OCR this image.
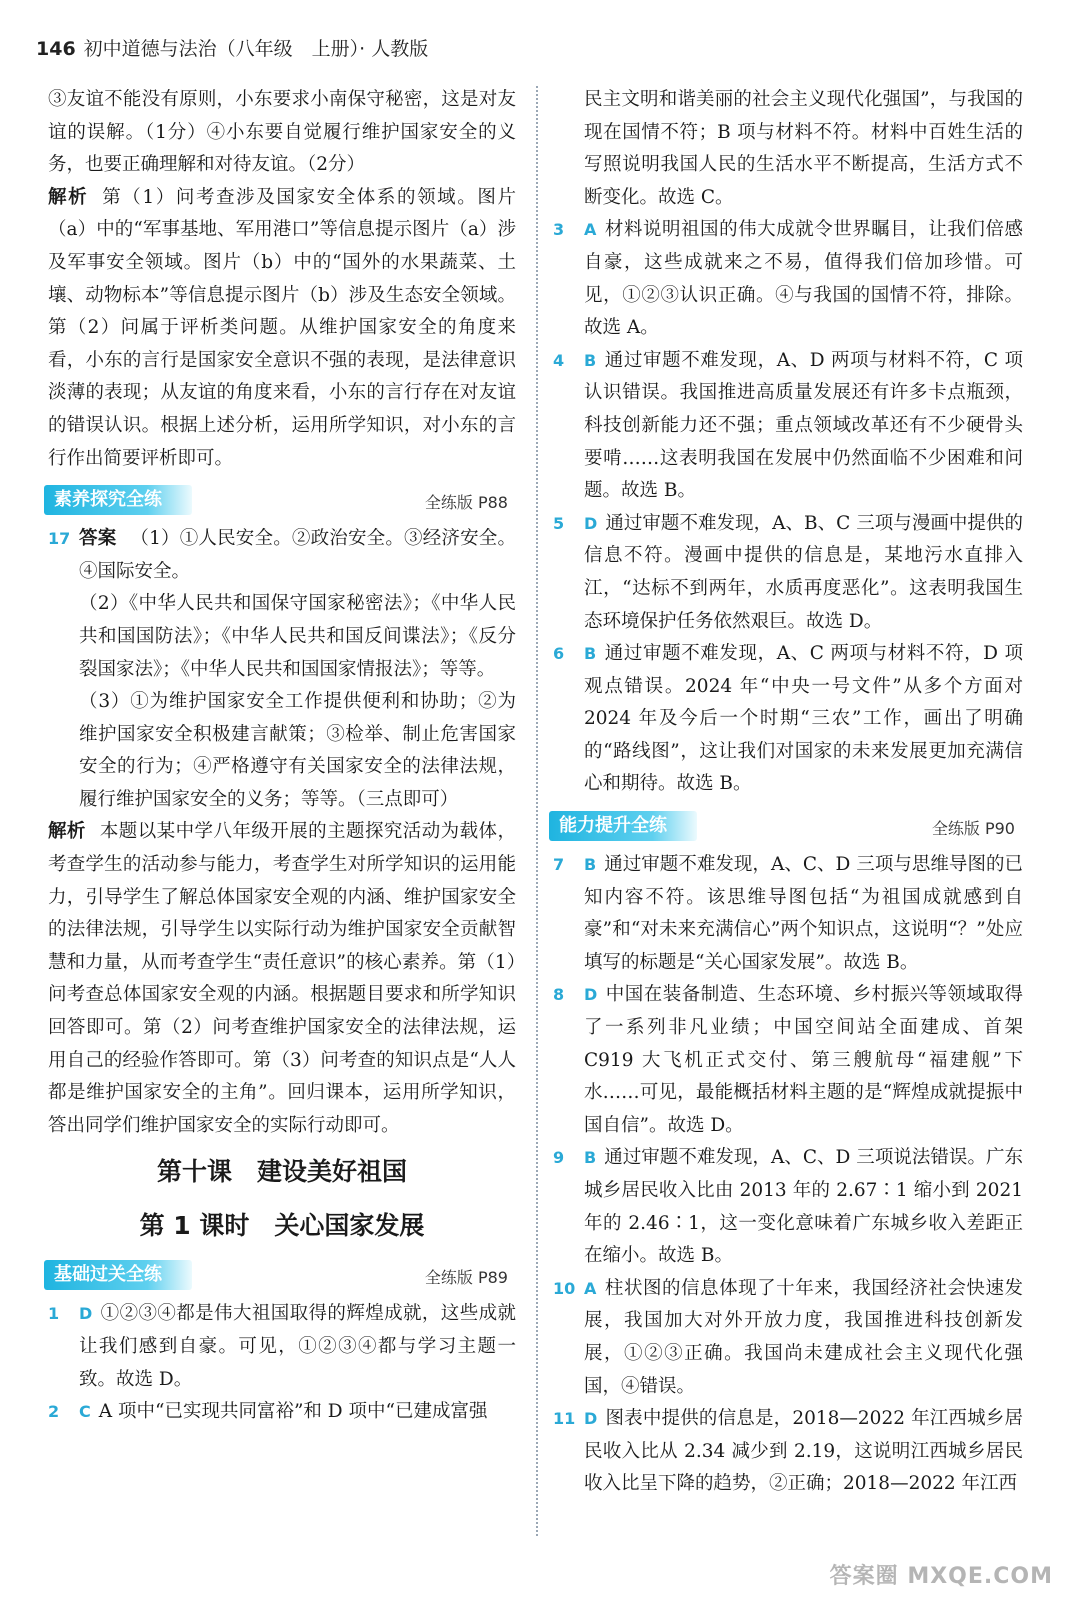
146 初中道德与法治（八年级　上册）· 人教版

③友谊不能没有原则，小东要求小南保守秘密，这是对友谊的误解。（1分）④小东要自觉履行维护国家安全的义务，也要正确理解和对待友谊。（2分）

解析 第（1）问考查涉及国家安全体系的领域。图片（a）中的“军事基地、军用港口”等信息提示图片（a）涉及军事安全领域。图片（b）中的“国外的水果蔬菜、土壤、动物标本”等信息提示图片（b）涉及生态安全领域。第（2）问属于评析类问题。从维护国家安全的角度来看，小东的言行是国家安全意识不强的表现，是法律意识淡薄的表现；从友谊的角度来看，小东的言行存在对友谊的错误认识。根据上述分析，运用所学知识，对小东的言行作出简要评析即可。

素养探究全练	全练版 P88
17 答案 （1）①人民安全。②政治安全。③经济安全。④国际安全。

（2）《中华人民共和国保守国家秘密法》；《中华人民共和国国防法》；《中华人民共和国反间谍法》；《反分裂国家法》；《中华人民共和国国家情报法》；等等。

（3）①为维护国家安全工作提供便利和协助；②为维护国家安全积极建言献策；③检举、制止危害国家安全的行为；④严格遵守有关国家安全的法律法规，履行维护国家安全的义务；等等。（三点即可）

解析 本题以某中学八年级开展的主题探究活动为载体，考查学生的活动参与能力，考查学生对所学知识的运用能力，引导学生了解总体国家安全观的内涵、维护国家安全的法律法规，引导学生以实际行动为维护国家安全贡献智慧和力量，从而考查学生“责任意识”的核心素养。第（1）问考查总体国家安全观的内涵。根据题目要求和所学知识回答即可。第（2）问考查维护国家安全的法律法规，运用自己的经验作答即可。第（3）问考查的知识点是“人人都是维护国家安全的主角”。回归课本，运用所学知识，答出同学们维护国家安全的实际行动即可。

第十课　建设美好祖国
第 1 课时　关心国家发展
基础过关全练	全练版 P89
1	D ①②③④都是伟大祖国取得的辉煌成就，这些成就让我们感到自豪。可见，①②③④都与学习主题一致。故选 D。

2	C A 项中“已实现共同富裕”和 D 项中“已建成富强

民主文明和谐美丽的社会主义现代化强国”，与我国的现在国情不符；B 项与材料不符。材料中百姓生活的写照说明我国人民的生活水平不断提高，生活方式不断变化。故选 C。

3	A 材料说明祖国的伟大成就令世界瞩目，让我们倍感自豪，这些成就来之不易，值得我们倍加珍惜。可见，①②③认识正确。④与我国的国情不符，排除。故选 A。

4	B 通过审题不难发现，A、D 两项与材料不符，C 项认识错误。我国推进高质量发展还有许多卡点瓶颈，科技创新能力还不强；重点领域改革还有不少硬骨头要啃……这表明我国在发展中仍然面临不少困难和问题。故选 B。

5	D 通过审题不难发现，A、B、C 三项与漫画中提供的信息不符。漫画中提供的信息是，某地污水直排入江，“达标不到两年，水质再度恶化”。这表明我国生态环境保护任务依然艰巨。故选 D。

6	B 通过审题不难发现，A、C 两项与材料不符，D 项观点错误。2024 年“中央一号文件”从多个方面对 2024 年及今后一个时期“三农”工作，画出了明确的“路线图”，这让我们对国家的未来发展更加充满信心和期待。故选 B。

能力提升全练	全练版 P90
7	B 通过审题不难发现，A、C、D 三项与思维导图的已知内容不符。该思维导图包括“为祖国成就感到自豪”和“对未来充满信心”两个知识点，这说明“？”处应填写的标题是“关心国家发展”。故选 B。

8	D 中国在装备制造、生态环境、乡村振兴等领域取得了一系列非凡业绩；中国空间站全面建成、首架 C919 大飞机正式交付、第三艘航母“福建舰”下水……可见，最能概括材料主题的是“辉煌成就提振中国自信”。故选 D。

9	B 通过审题不难发现，A、C、D 三项说法错误。广东城乡居民收入比由 2013 年的 2.67∶1 缩小到 2021 年的 2.46∶1，这一变化意味着广东城乡收入差距正在缩小。故选 B。

10 A 柱状图的信息体现了十年来，我国经济社会快速发展，我国加大对外开放力度，我国推进科技创新发展，①②③正确。我国尚未建成社会主义现代化强国，④错误。

11 D 图表中提供的信息是，2018—2022 年江西城乡居民收入比从 2.34 减少到 2.19，这说明江西城乡居民收入比呈下降的趋势，②正确；2018—2022 年江西

答案圈 MXQE.COM
